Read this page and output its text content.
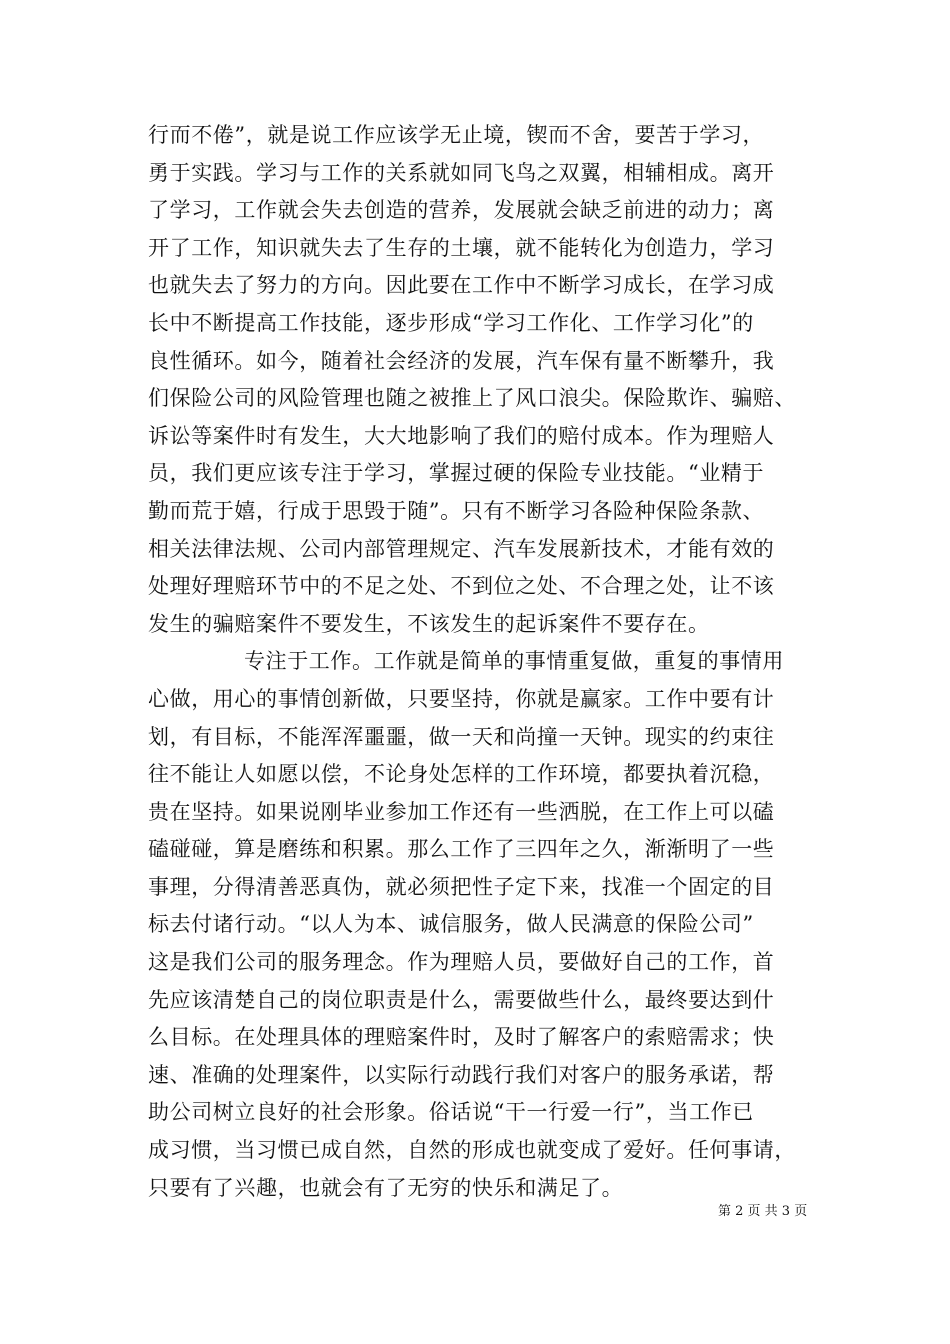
行而不倦”，就是说工作应该学无止境，锲而不舍，要苦于学习，
勇于实践。学习与工作的关系就如同飞鸟之双翼，相辅相成。离开
了学习，工作就会失去创造的营养，发展就会缺乏前进的动力；离
开了工作，知识就失去了生存的土壤，就不能转化为创造力，学习
也就失去了努力的方向。因此要在工作中不断学习成长，在学习成
长中不断提高工作技能，逐步形成“学习工作化、工作学习化”的
良性循环。如今，随着社会经济的发展，汽车保有量不断攀升，我
们保险公司的风险管理也随之被推上了风口浪尖。保险欺诈、骗赔、
诉讼等案件时有发生，大大地影响了我们的赔付成本。作为理赔人
员，我们更应该专注于学习，掌握过硬的保险专业技能。“业精于
勤而荒于嬉，行成于思毁于随”。只有不断学习各险种保险条款、
相关法律法规、公司内部管理规定、汽车发展新技术，才能有效的
处理好理赔环节中的不足之处、不到位之处、不合理之处，让不该
发生的骗赔案件不要发生，不该发生的起诉案件不要存在。
专注于工作。工作就是简单的事情重复做，重复的事情用
心做，用心的事情创新做，只要坚持，你就是赢家。工作中要有计
划，有目标，不能浑浑噩噩，做一天和尚撞一天钟。现实的约束往
往不能让人如愿以偿，不论身处怎样的工作环境，都要执着沉稳，
贵在坚持。如果说刚毕业参加工作还有一些洒脱，在工作上可以磕
磕碰碰，算是磨练和积累。那么工作了三四年之久，渐渐明了一些
事理，分得清善恶真伪，就必须把性子定下来，找准一个固定的目
标去付诸行动。“以人为本、诚信服务，做人民满意的保险公司”
这是我们公司的服务理念。作为理赔人员，要做好自己的工作，首
先应该清楚自己的岗位职责是什么，需要做些什么，最终要达到什
么目标。在处理具体的理赔案件时，及时了解客户的索赔需求；快
速、准确的处理案件，以实际行动践行我们对客户的服务承诺，帮
助公司树立良好的社会形象。俗话说“干一行爱一行”，当工作已
成习惯，当习惯已成自然，自然的形成也就变成了爱好。任何事请，
只要有了兴趣，也就会有了无穷的快乐和满足了。
第 2 页 共 3 页
